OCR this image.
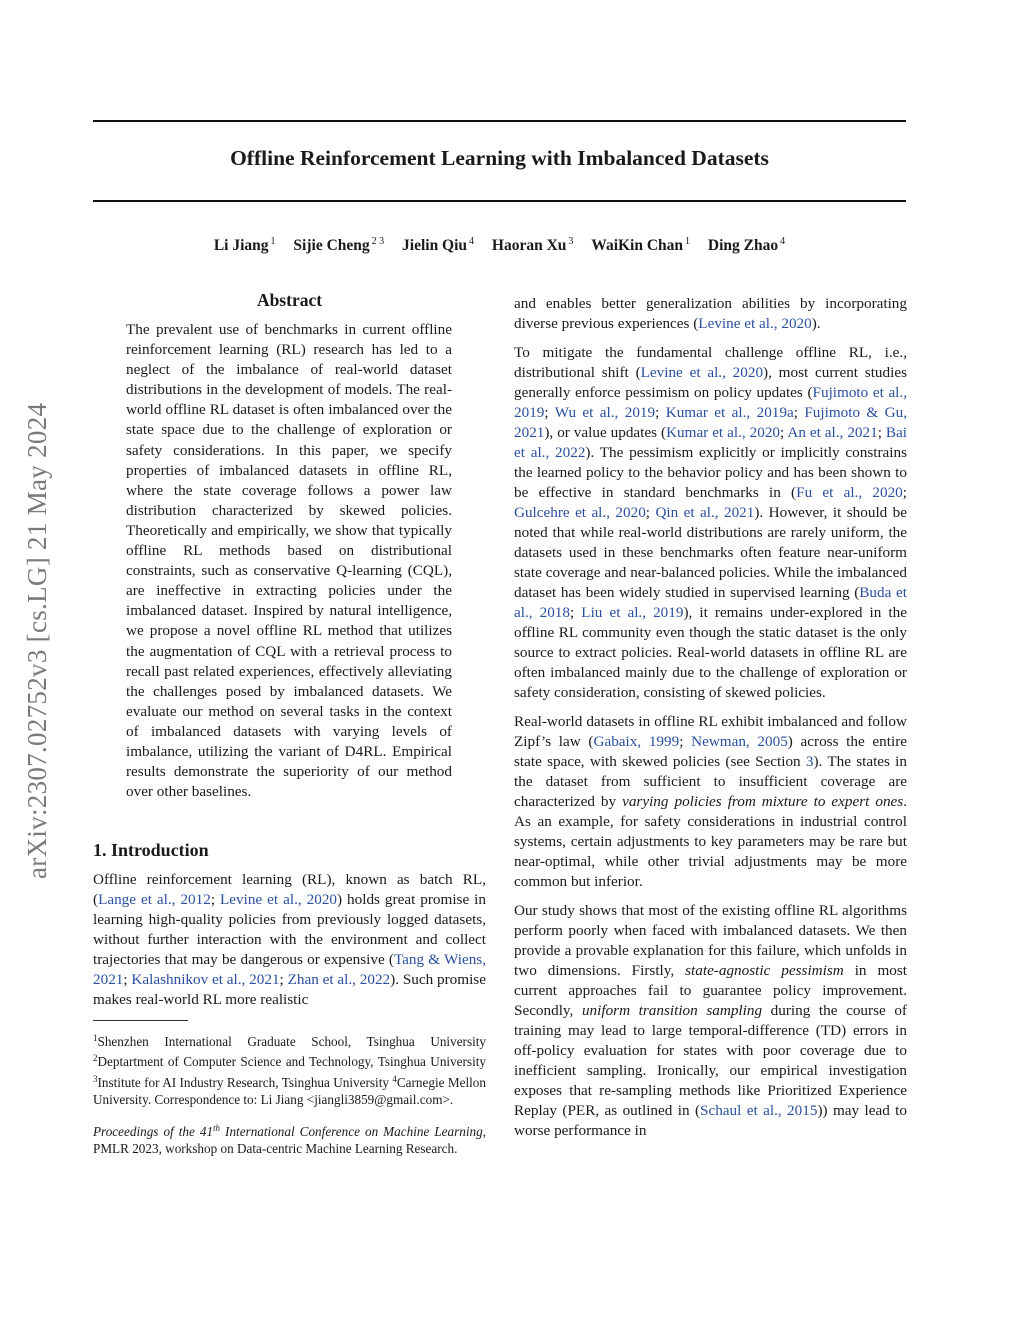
Offline Reinforcement Learning with Imbalanced Datasets

Li Jiang $^1$ Sijie Cheng $^{2 3}$ Jielin Qiu $^4$ Haoran Xu $^3$ WaiKin Chan $^1$ Ding Zhao $^4$

arXiv:2307.02752v3 [cs.LG] 21 May 2024
Abstract

The prevalent use of benchmarks in current offline reinforcement learning (RL) research has led to a neglect of the imbalance of real-world dataset distributions in the development of models. The real-world offline RL dataset is often imbalanced over the state space due to the challenge of exploration or safety considerations. In this paper, we specify properties of imbalanced datasets in offline RL, where the state coverage follows a power law distribution characterized by skewed policies. Theoretically and empirically, we show that typically offline RL methods based on distributional constraints, such as conservative Q-learning (CQL), are ineffective in extracting policies under the imbalanced dataset. Inspired by natural intelligence, we propose a novel offline RL method that utilizes the augmentation of CQL with a retrieval process to recall past related experiences, effectively alleviating the challenges posed by imbalanced datasets. We evaluate our method on several tasks in the context of imbalanced datasets with varying levels of imbalance, utilizing the variant of D4RL. Empirical results demonstrate the superiority of our method over other baselines.

1. Introduction

Offline reinforcement learning (RL), known as batch RL, (Lange et al., 2012; Levine et al., 2020) holds great promise in learning high-quality policies from previously logged datasets, without further interaction with the environment and collect trajectories that may be dangerous or expensive (Tang & Wiens, 2021; Kalashnikov et al., 2021; Zhan et al., 2022). Such promise makes real-world RL more realistic

$^1$Shenzhen International Graduate School, Tsinghua University $^2$Deptartment of Computer Science and Technology, Tsinghua University $^3$Institute for AI Industry Research, Tsinghua University $^4$Carnegie Mellon University. Correspondence to: Li Jiang <jiangli3859@gmail.com>.

Proceedings of the 41th International Conference on Machine Learning, PMLR 2023, workshop on Data-centric Machine Learning Research.

and enables better generalization abilities by incorporating diverse previous experiences (Levine et al., 2020).

To mitigate the fundamental challenge offline RL, i.e., distributional shift (Levine et al., 2020), most current studies generally enforce pessimism on policy updates (Fujimoto et al., 2019; Wu et al., 2019; Kumar et al., 2019a; Fujimoto & Gu, 2021), or value updates (Kumar et al., 2020; An et al., 2021; Bai et al., 2022). The pessimism explicitly or implicitly constrains the learned policy to the behavior policy and has been shown to be effective in standard benchmarks in (Fu et al., 2020; Gulcehre et al., 2020; Qin et al., 2021). However, it should be noted that while real-world distributions are rarely uniform, the datasets used in these benchmarks often feature near-uniform state coverage and near-balanced policies. While the imbalanced dataset has been widely studied in supervised learning (Buda et al., 2018; Liu et al., 2019), it remains under-explored in the offline RL community even though the static dataset is the only source to extract policies. Real-world datasets in offline RL are often imbalanced mainly due to the challenge of exploration or safety consideration, consisting of skewed policies.

Real-world datasets in offline RL exhibit imbalanced and follow Zipf’s law (Gabaix, 1999; Newman, 2005) across the entire state space, with skewed policies (see Section 3). The states in the dataset from sufficient to insufficient coverage are characterized by varying policies from mixture to expert ones. As an example, for safety considerations in industrial control systems, certain adjustments to key parameters may be rare but near-optimal, while other trivial adjustments may be more common but inferior.

Our study shows that most of the existing offline RL algorithms perform poorly when faced with imbalanced datasets. We then provide a provable explanation for this failure, which unfolds in two dimensions. Firstly, state-agnostic pessimism in most current approaches fail to guarantee policy improvement. Secondly, uniform transition sampling during the course of training may lead to large temporal-difference (TD) errors in off-policy evaluation for states with poor coverage due to inefficient sampling. Ironically, our empirical investigation exposes that re-sampling methods like Prioritized Experience Replay (PER, as outlined in (Schaul et al., 2015)) may lead to worse performance in
